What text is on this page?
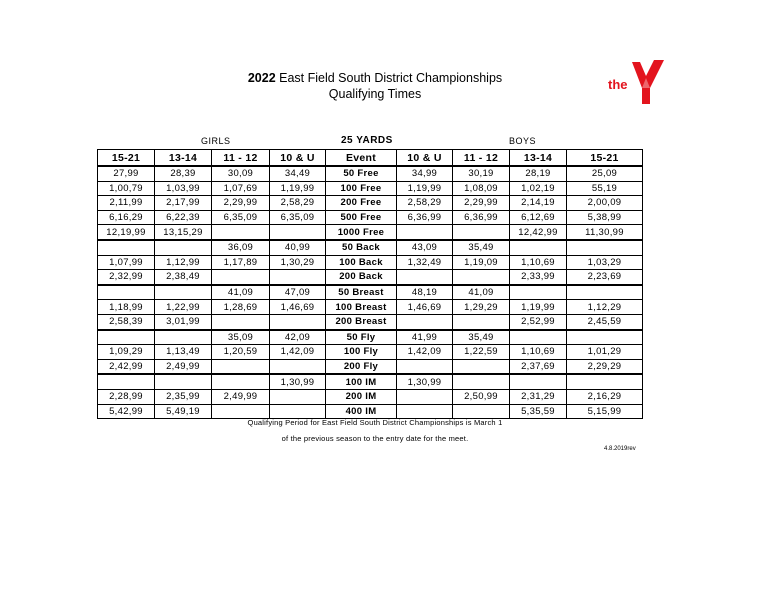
2022 East Field South District Championships
Qualifying Times
the
GIRLS	25 YARDS	BOYS
15-21	13-14	11 - 12	10 & U	Event	10 & U	11 - 12	13-14	15-21
27,99	28,39	30,09	34,49	50 Free	34,99	30,19	28,19	25,09
1,00,79	1,03,99	1,07,69	1,19,99	100 Free	1,19,99	1,08,09	1,02,19	55,19
2,11,99	2,17,99	2,29,99	2,58,29	200 Free	2,58,29	2,29,99	2,14,19	2,00,09
6,16,29	6,22,39	6,35,09	6,35,09	500 Free	6,36,99	6,36,99	6,12,69	5,38,99
12,19,99	13,15,29			1000 Free			12,42,99	11,30,99
		36,09	40,99	50 Back	43,09	35,49		
1,07,99	1,12,99	1,17,89	1,30,29	100 Back	1,32,49	1,19,09	1,10,69	1,03,29
2,32,99	2,38,49			200 Back			2,33,99	2,23,69
		41,09	47,09	50 Breast	48,19	41,09		
1,18,99	1,22,99	1,28,69	1,46,69	100 Breast	1,46,69	1,29,29	1,19,99	1,12,29
2,58,39	3,01,99			200 Breast			2,52,99	2,45,59
		35,09	42,09	50 Fly	41,99	35,49		
1,09,29	1,13,49	1,20,59	1,42,09	100 Fly	1,42,09	1,22,59	1,10,69	1,01,29
2,42,99	2,49,99			200 Fly			2,37,69	2,29,29
			1,30,99	100 IM	1,30,99			
2,28,99	2,35,99	2,49,99		200 IM		2,50,99	2,31,29	2,16,29
5,42,99	5,49,19			400 IM			5,35,59	5,15,99
Qualifying Period for East Field South District Championships is March 1
of the previous season to the entry date for the meet.
4.8.2019rev
